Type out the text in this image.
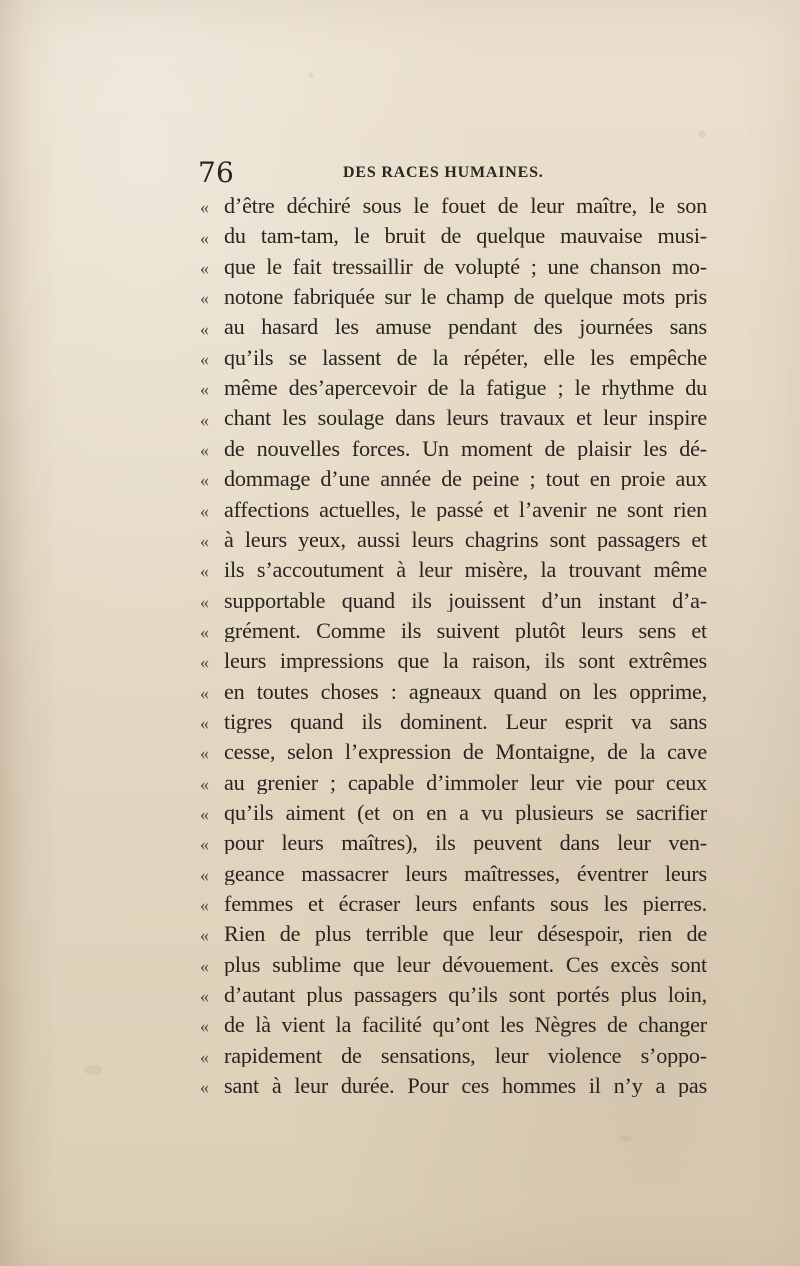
76	DES RACES HUMAINES.
« d’être déchiré sous le fouet de leur maître, le son
« du tam-tam, le bruit de quelque mauvaise musi-
« que le fait tressaillir de volupté ; une chanson mo-
« notone fabriquée sur le champ de quelque mots pris
« au hasard les amuse pendant des journées sans
« qu’ils se lassent de la répéter, elle les empêche
« même des’apercevoir de la fatigue ; le rhythme du
« chant les soulage dans leurs travaux et leur inspire
« de nouvelles forces. Un moment de plaisir les dé-
« dommage d’une année de peine ; tout en proie aux
« affections actuelles, le passé et l’avenir ne sont rien
« à leurs yeux, aussi leurs chagrins sont passagers et
« ils s’accoutument à leur misère, la trouvant même
« supportable quand ils jouissent d’un instant d’a-
« grément. Comme ils suivent plutôt leurs sens et
« leurs impressions que la raison, ils sont extrêmes
« en toutes choses : agneaux quand on les opprime,
« tigres quand ils dominent. Leur esprit va sans
« cesse, selon l’expression de Montaigne, de la cave
« au grenier ; capable d’immoler leur vie pour ceux
« qu’ils aiment (et on en a vu plusieurs se sacrifier
« pour leurs maîtres), ils peuvent dans leur ven-
« geance massacrer leurs maîtresses, éventrer leurs
« femmes et écraser leurs enfants sous les pierres.
« Rien de plus terrible que leur désespoir, rien de
« plus sublime que leur dévouement. Ces excès sont
« d’autant plus passagers qu’ils sont portés plus loin,
« de là vient la facilité qu’ont les Nègres de changer
« rapidement de sensations, leur violence s’oppo-
« sant à leur durée. Pour ces hommes il n’y a pas
